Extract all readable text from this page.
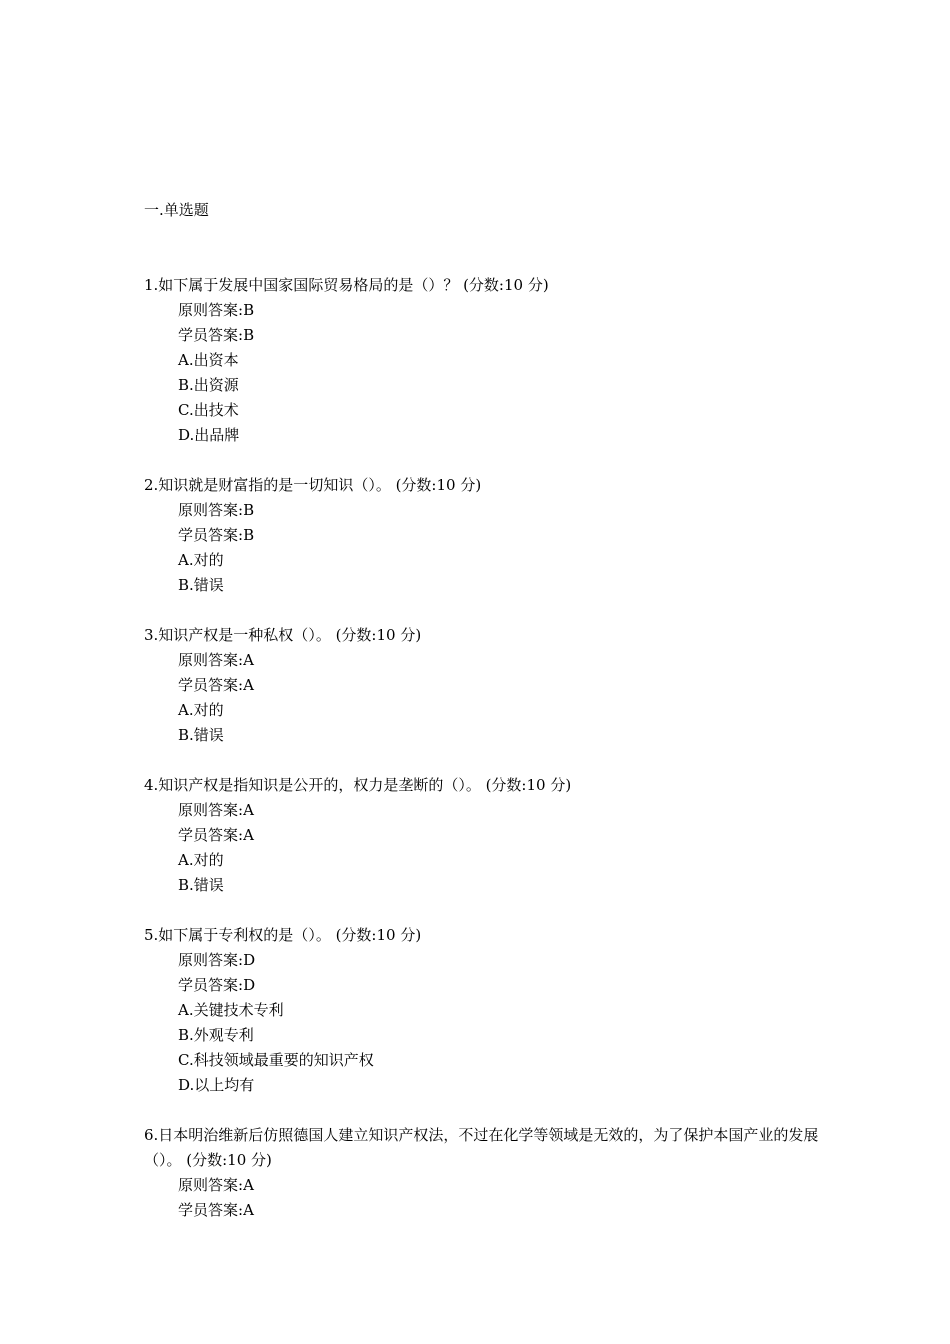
一.单选题
1.如下属于发展中国家国际贸易格局的是（）？ (分数:10 分)
原则答案:B
学员答案:B
A.出资本
B.出资源
C.出技术
D.出品牌
2.知识就是财富指的是一切知识（）。 (分数:10 分)
原则答案:B
学员答案:B
A.对的
B.错误
3.知识产权是一种私权（）。 (分数:10 分)
原则答案:A
学员答案:A
A.对的
B.错误
4.知识产权是指知识是公开的，权力是垄断的（）。 (分数:10 分)
原则答案:A
学员答案:A
A.对的
B.错误
5.如下属于专利权的是（）。 (分数:10 分)
原则答案:D
学员答案:D
A.关键技术专利
B.外观专利
C.科技领域最重要的知识产权
D.以上均有
6.日本明治维新后仿照德国人建立知识产权法，不过在化学等领域是无效的，为了保护本国产业的发展（）。 (分数:10 分)
原则答案:A
学员答案:A
